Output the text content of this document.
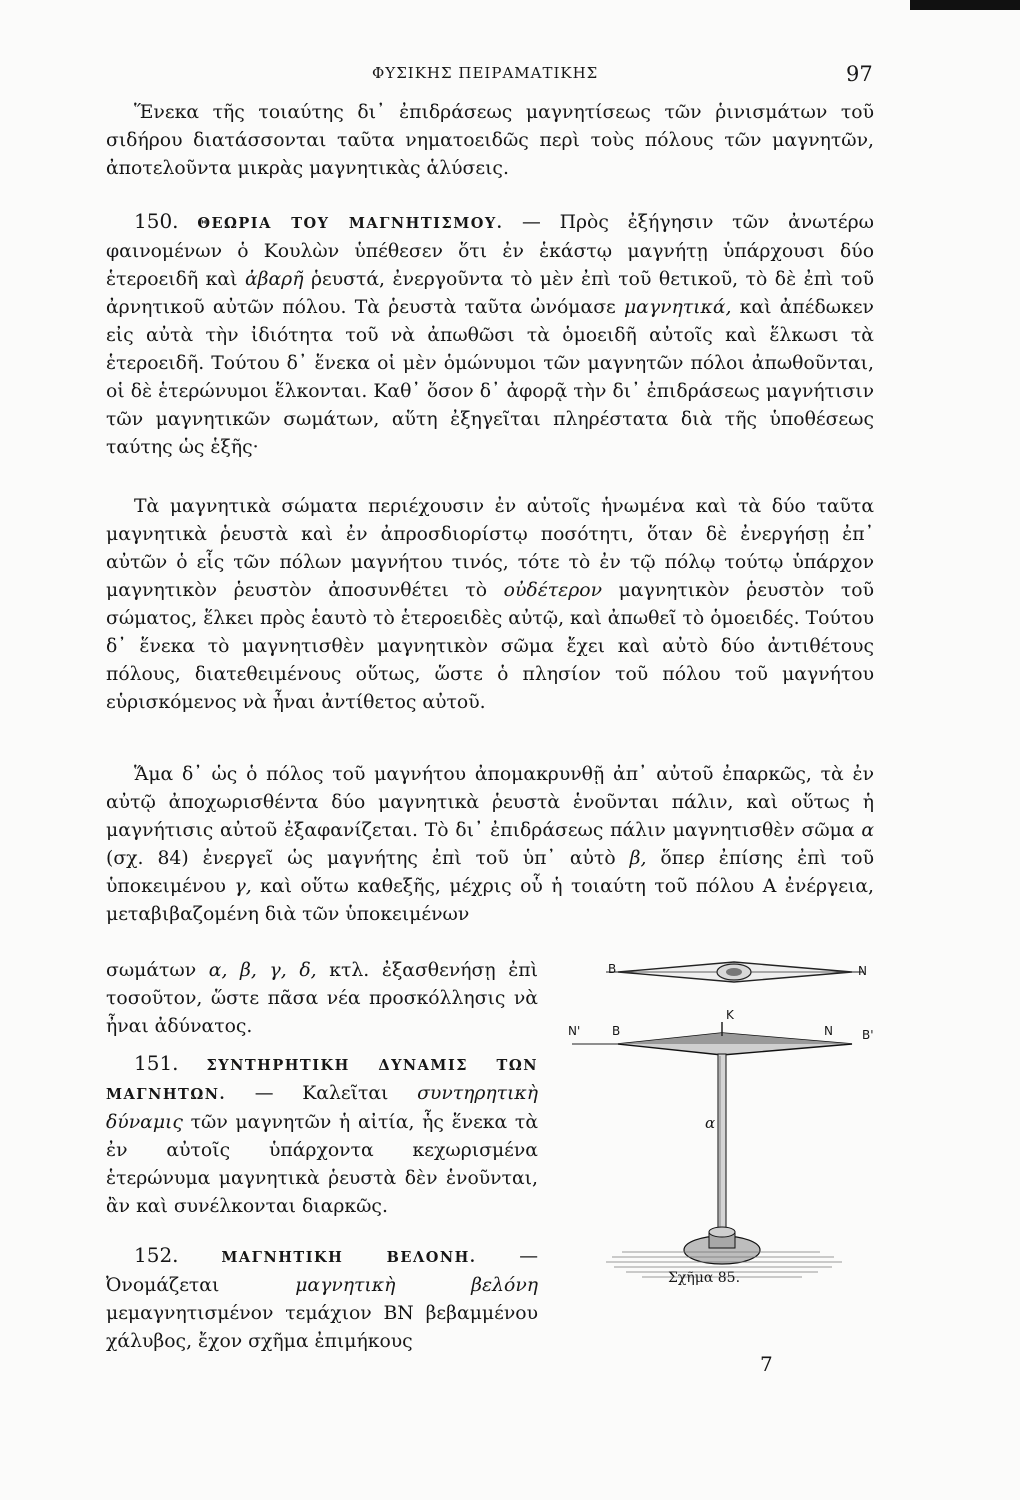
ΦΥΣΙΚΗΣ ΠΕΙΡΑΜΑΤΙΚΗΣ	97

Ἕνεκα τῆς τοιαύτης δι᾽ ἐπιδράσεως μαγνητίσεως τῶν ῥινισμάτων τοῦ σιδήρου διατάσσονται ταῦτα νηματοειδῶς περὶ τοὺς πόλους τῶν μαγνητῶν, ἀποτελοῦντα μικρὰς μαγνητικὰς ἁλύσεις.

150. ΘΕΩΡΙΑ ΤΟΥ ΜΑΓΝΗΤΙΣΜΟΥ. — Πρὸς ἐξήγησιν τῶν ἀνωτέρω φαινομένων ὁ Κουλὼν ὑπέθεσεν ὅτι ἐν ἑκάστῳ μαγνήτῃ ὑπάρχουσι δύο ἑτεροειδῆ καὶ ἀβαρῆ ῥευστά, ἐνεργοῦντα τὸ μὲν ἐπὶ τοῦ θετικοῦ, τὸ δὲ ἐπὶ τοῦ ἀρνητικοῦ αὐτῶν πόλου. Τὰ ῥευστὰ ταῦτα ὠνόμασε μαγνητικά, καὶ ἀπέδωκεν εἰς αὐτὰ τὴν ἰδιότητα τοῦ νὰ ἀπωθῶσι τὰ ὁμοειδῆ αὐτοῖς καὶ ἕλκωσι τὰ ἑτεροειδῆ. Τούτου δ᾽ ἕνεκα οἱ μὲν ὁμώνυμοι τῶν μαγνητῶν πόλοι ἀπωθοῦνται, οἱ δὲ ἑτερώνυμοι ἕλκονται. Καθ᾽ ὅσον δ᾽ ἀφορᾷ τὴν δι᾽ ἐπιδράσεως μαγνήτισιν τῶν μαγνητικῶν σωμάτων, αὕτη ἐξηγεῖται πληρέστατα διὰ τῆς ὑποθέσεως ταύτης ὡς ἑξῆς·

Τὰ μαγνητικὰ σώματα περιέχουσιν ἐν αὑτοῖς ἡνωμένα καὶ τὰ δύο ταῦτα μαγνητικὰ ῥευστὰ καὶ ἐν ἀπροσδιορίστῳ ποσότητι, ὅταν δὲ ἐνεργήσῃ ἐπ᾽ αὐτῶν ὁ εἷς τῶν πόλων μαγνήτου τινός, τότε τὸ ἐν τῷ πόλῳ τούτῳ ὑπάρχον μαγνητικὸν ῥευστὸν ἀποσυνθέτει τὸ οὐδέτερον μαγνητικὸν ῥευστὸν τοῦ σώματος, ἕλκει πρὸς ἑαυτὸ τὸ ἑτεροειδὲς αὐτῷ, καὶ ἀπωθεῖ τὸ ὁμοειδές. Τούτου δ᾽ ἕνεκα τὸ μαγνητισθὲν μαγνητικὸν σῶμα ἔχει καὶ αὐτὸ δύο ἀντιθέτους πόλους, διατεθειμένους οὕτως, ὥστε ὁ πλησίον τοῦ πόλου τοῦ μαγνήτου εὑρισκόμενος νὰ ἦναι ἀντίθετος αὐτοῦ.

Ἅμα δ᾽ ὡς ὁ πόλος τοῦ μαγνήτου ἀπομακρυνθῇ ἀπ᾽ αὐτοῦ ἐπαρκῶς, τὰ ἐν αὐτῷ ἀποχωρισθέντα δύο μαγνητικὰ ῥευστὰ ἑνοῦνται πάλιν, καὶ οὕτως ἡ μαγνήτισις αὐτοῦ ἐξαφανίζεται. Τὸ δι᾽ ἐπιδράσεως πάλιν μαγνητισθὲν σῶμα α (σχ. 84) ἐνεργεῖ ὡς μαγνήτης ἐπὶ τοῦ ὑπ᾽ αὐτὸ β, ὅπερ ἐπίσης ἐπὶ τοῦ ὑποκειμένου γ, καὶ οὕτω καθεξῆς, μέχρις οὗ ἡ τοιαύτη τοῦ πόλου Α ἐνέργεια, μεταβιβαζομένη διὰ τῶν ὑποκειμένων

σωμάτων α, β, γ, δ, κτλ. ἐξασθενήσῃ ἐπὶ τοσοῦτον, ὥστε πᾶσα νέα προσκόλλησις νὰ ἦναι ἀδύνατος.

151. ΣΥΝΤΗΡΗΤΙΚΗ ΔΥΝΑΜΙΣ ΤΩΝ ΜΑΓΝΗΤΩΝ. — Καλεῖται συντηρητικὴ δύναμις τῶν μαγνητῶν ἡ αἰτία, ἧς ἕνεκα τὰ ἐν αὐτοῖς ὑπάρχοντα κεχωρισμένα ἑτερώνυμα μαγνητικὰ ῥευστὰ δὲν ἑνοῦνται, ἂν καὶ συνέλκονται διαρκῶς.

152.	ΜΑΓΝΗΤΙΚΗ ΒΕΛΟΝΗ. — Ὀνομάζεται μαγνητικὴ βελόνη μεμαγνητισμένον τεμάχιον ΒΝ βεβαμμένου χάλυβος, ἔχον σχῆμα ἐπιμήκους

B	N
K
N'	B	N B'
α
Σχῆμα 85.
7
